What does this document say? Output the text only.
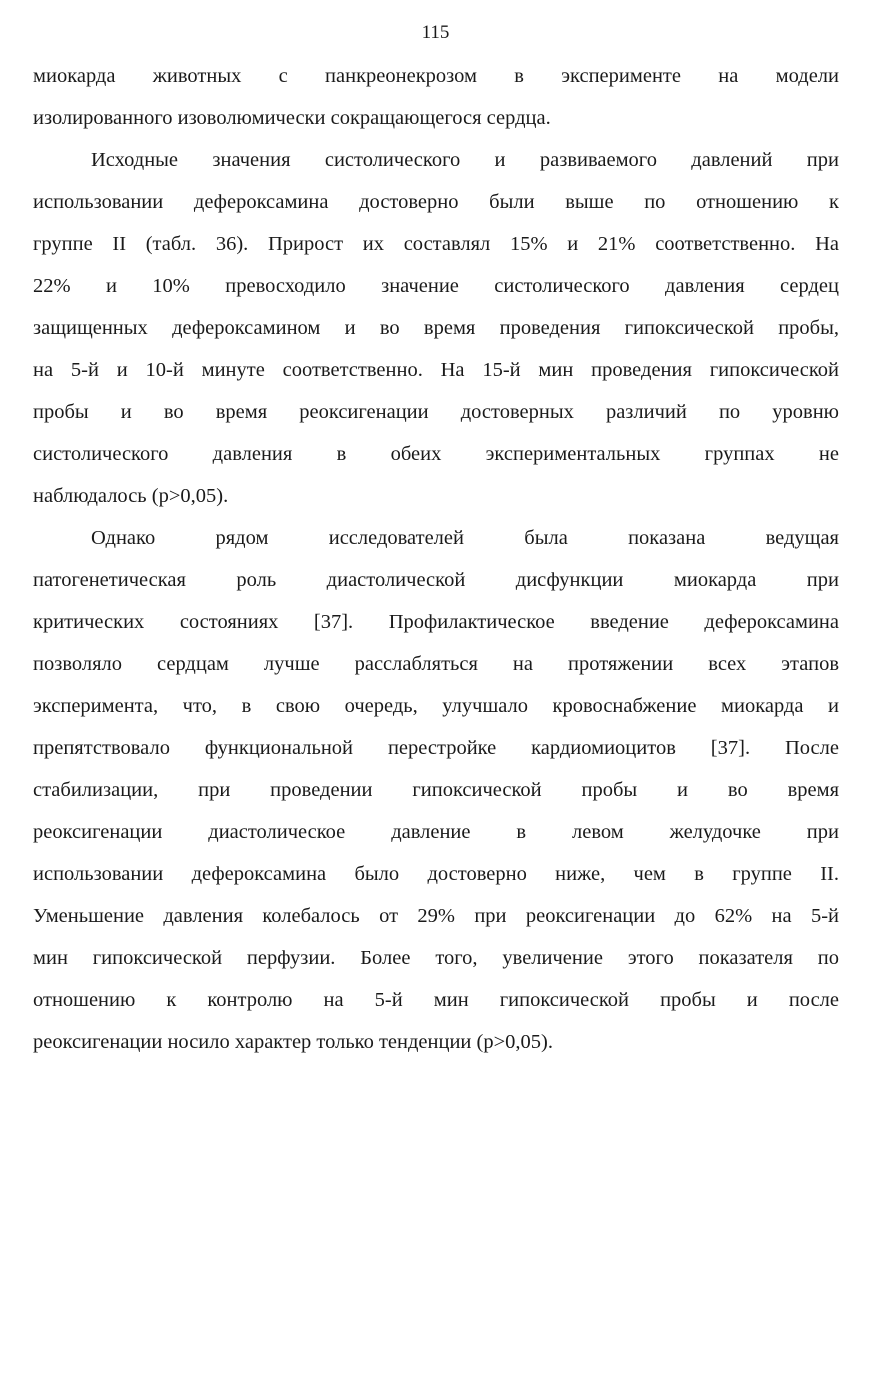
115
миокарда животных с панкреонекрозом в эксперименте на модели
изолированного изоволюмически сокращающегося сердца.
Исходные значения систолического и развиваемого давлений при
использовании дефероксамина достоверно были выше по отношению к
группе II (табл. 36). Прирост их составлял 15% и 21% соответственно. На
22% и 10% превосходило значение систолического давления сердец
защищенных дефероксамином и во время проведения гипоксической пробы,
на 5-й и 10-й минуте соответственно. На 15-й мин проведения гипоксической
пробы и во время реоксигенации достоверных различий по уровню
систолического давления в обеих экспериментальных группах не
наблюдалось (p>0,05).
Однако рядом исследователей была показана ведущая
патогенетическая роль диастолической дисфункции миокарда при
критических состояниях [37]. Профилактическое введение дефероксамина
позволяло сердцам лучше расслабляться на протяжении всех этапов
эксперимента, что, в свою очередь, улучшало кровоснабжение миокарда и
препятствовало функциональной перестройке кардиомиоцитов [37]. После
стабилизации, при проведении гипоксической пробы и во время
реоксигенации диастолическое давление в левом желудочке при
использовании дефероксамина было достоверно ниже, чем в группе II.
Уменьшение давления колебалось от 29% при реоксигенации до 62% на 5-й
мин гипоксической перфузии. Более того, увеличение этого показателя по
отношению к контролю на 5-й мин гипоксической пробы и после
реоксигенации носило характер только тенденции (p>0,05).
